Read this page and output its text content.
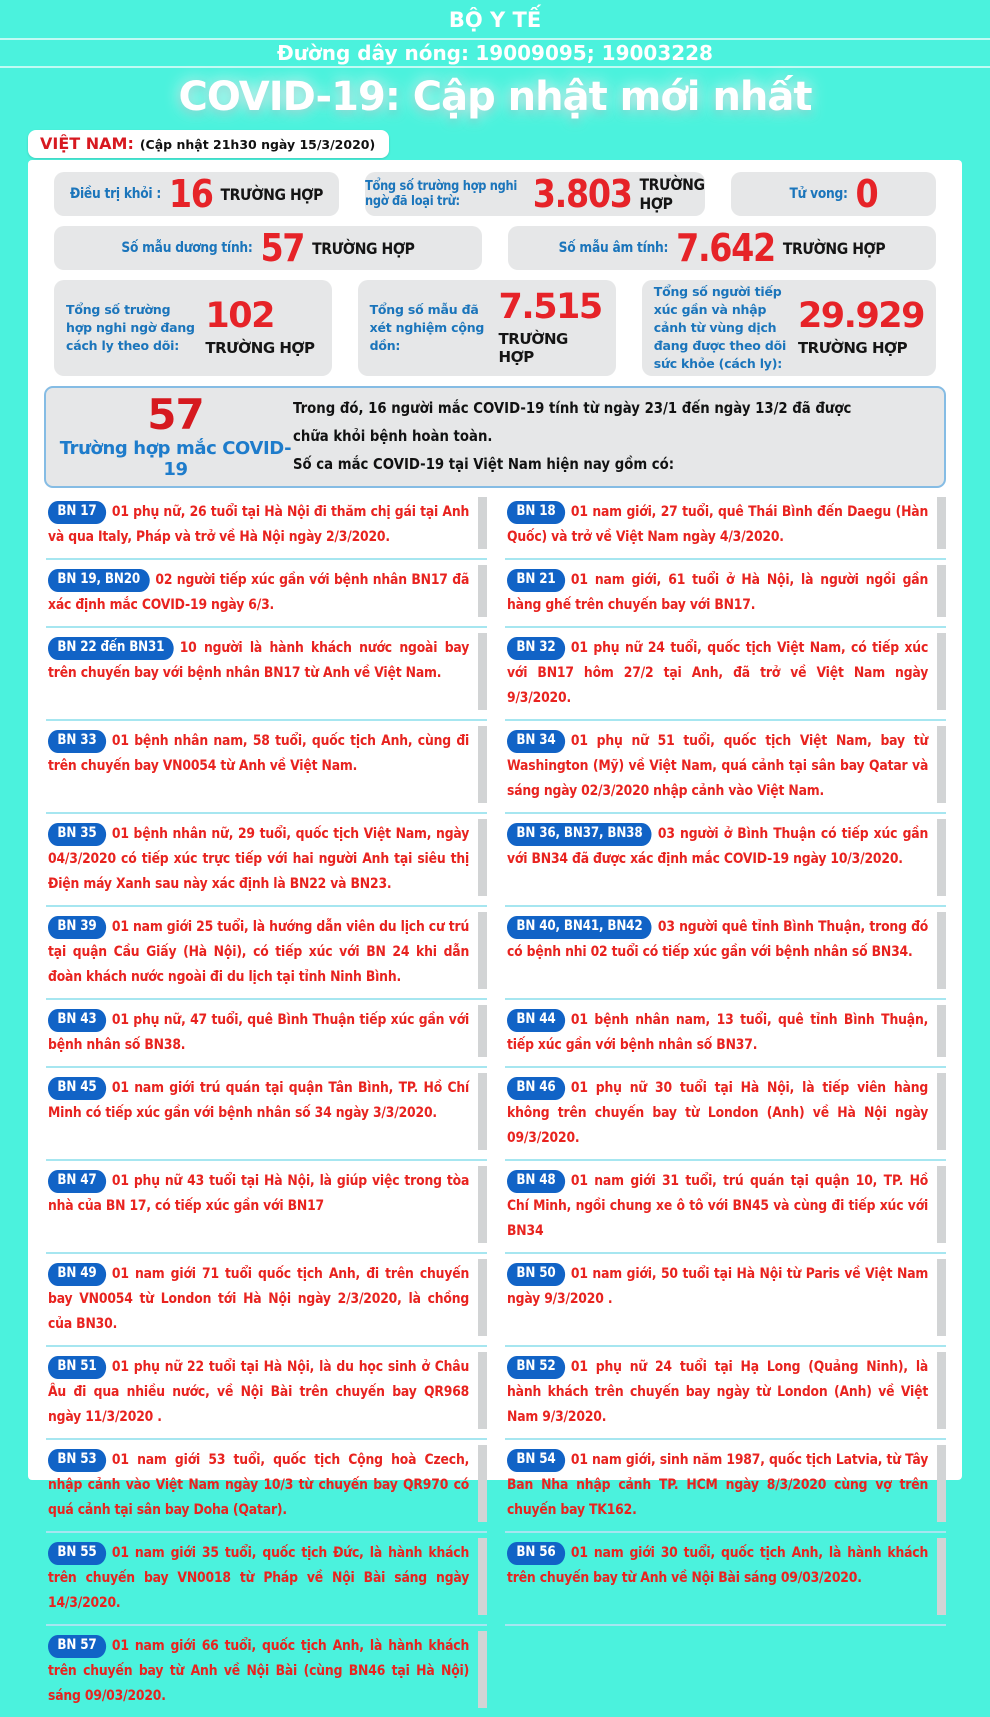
BỘ Y TẾ
Đường dây nóng: 19009095; 19003228
COVID-19: Cập nhật mới nhất
VIỆT NAM: (Cập nhật 21h30 ngày 15/3/2020)
Điều trị khỏi : 16 TRƯỜNG HỢP	Tổng số trường hợp nghi ngờ đã loại trừ:	3.803 TRƯỜNG HỢP	Tử vong: 0
Số mẫu dương tính: 57 TRƯỜNG HỢP	Số mẫu âm tính: 7.642 TRƯỜNG HỢP
Tổng số trường hợp nghi ngờ đang cách ly theo dõi:
102
TRƯỜNG HỢP
Tổng số mẫu đã xét nghiệm cộng dồn:
7.515
TRƯỜNG HỢP
Tổng số người tiếp xúc gần và nhập cảnh từ vùng dịch đang được theo dõi sức khỏe (cách ly):
29.929
TRƯỜNG HỢP
57
Trường hợp mắc COVID-19
Trong đó, 16 người mắc COVID-19 tính từ ngày 23/1 đến ngày 13/2 đã được chữa khỏi bệnh hoàn toàn.
Số ca mắc COVID-19 tại Việt Nam hiện nay gồm có:

BN 17 01 phụ nữ, 26 tuổi tại Hà Nội đi thăm chị gái tại Anh và qua Italy, Pháp và trở về Hà Nội ngày 2/3/2020.

BN 18 01 nam giới, 27 tuổi, quê Thái Bình đến Daegu (Hàn Quốc) và trở về Việt Nam ngày 4/3/2020.

BN 19, BN20 02 người tiếp xúc gần với bệnh nhân BN17 đã xác định mắc COVID-19 ngày 6/3.

BN 21 01 nam giới, 61 tuổi ở Hà Nội, là người ngồi gần hàng ghế trên chuyến bay với BN17.

BN 22 đến BN31 10 người là hành khách nước ngoài bay trên chuyến bay với bệnh nhân BN17 từ Anh về Việt Nam.

BN 32 01 phụ nữ 24 tuổi, quốc tịch Việt Nam, có tiếp xúc với BN17 hôm 27/2 tại Anh, đã trở về Việt Nam ngày 9/3/2020.

BN 33 01 bệnh nhân nam, 58 tuổi, quốc tịch Anh, cùng đi trên chuyến bay VN0054 từ Anh về Việt Nam.

BN 34 01 phụ nữ 51 tuổi, quốc tịch Việt Nam, bay từ Washington (Mỹ) về Việt Nam, quá cảnh tại sân bay Qatar và sáng ngày 02/3/2020 nhập cảnh vào Việt Nam.

BN 35 01 bệnh nhân nữ, 29 tuổi, quốc tịch Việt Nam, ngày 04/3/2020 có tiếp xúc trực tiếp với hai người Anh tại siêu thị Điện máy Xanh sau này xác định là BN22 và BN23.

BN 36, BN37, BN38 03 người ở Bình Thuận có tiếp xúc gần với BN34 đã được xác định mắc COVID-19 ngày 10/3/2020.

BN 39 01 nam giới 25 tuổi, là hướng dẫn viên du lịch cư trú tại quận Cầu Giấy (Hà Nội), có tiếp xúc với BN 24 khi dẫn đoàn khách nước ngoài đi du lịch tại tỉnh Ninh Bình.

BN 40, BN41, BN42 03 người quê tỉnh Bình Thuận, trong đó có bệnh nhi 02 tuổi có tiếp xúc gần với bệnh nhân số BN34.

BN 43 01 phụ nữ, 47 tuổi, quê Bình Thuận tiếp xúc gần với bệnh nhân số BN38.

BN 44 01 bệnh nhân nam, 13 tuổi, quê tỉnh Bình Thuận, tiếp xúc gần với bệnh nhân số BN37.

BN 45 01 nam giới trú quán tại quận Tân Bình, TP. Hồ Chí Minh có tiếp xúc gần với bệnh nhân số 34 ngày 3/3/2020.

BN 46 01 phụ nữ 30 tuổi tại Hà Nội, là tiếp viên hàng không trên chuyến bay từ London (Anh) về Hà Nội ngày 09/3/2020.

BN 47 01 phụ nữ 43 tuổi tại Hà Nội, là giúp việc trong tòa nhà của BN 17, có tiếp xúc gần với BN17

BN 48 01 nam giới 31 tuổi, trú quán tại quận 10, TP. Hồ Chí Minh, ngồi chung xe ô tô với BN45 và cùng đi tiếp xúc với BN34

BN 49 01 nam giới 71 tuổi quốc tịch Anh, đi trên chuyến bay VN0054 từ London tới Hà Nội ngày 2/3/2020, là chồng của BN30.

BN 50 01 nam giới, 50 tuổi tại Hà Nội từ Paris về Việt Nam ngày 9/3/2020 .

BN 51 01 phụ nữ 22 tuổi tại Hà Nội, là du học sinh ở Châu Âu đi qua nhiều nước, về Nội Bài trên chuyến bay QR968 ngày 11/3/2020 .

BN 52 01 phụ nữ 24 tuổi tại Hạ Long (Quảng Ninh), là hành khách trên chuyến bay ngày từ London (Anh) về Việt Nam 9/3/2020.

BN 53 01 nam giới 53 tuổi, quốc tịch Cộng hoà Czech, nhập cảnh vào Việt Nam ngày 10/3 từ chuyến bay QR970 có quá cảnh tại sân bay Doha (Qatar).

BN 54 01 nam giới, sinh năm 1987, quốc tịch Latvia, từ Tây Ban Nha nhập cảnh TP. HCM ngày 8/3/2020 cùng vợ trên chuyến bay TK162.

BN 55 01 nam giới 35 tuổi, quốc tịch Đức, là hành khách trên chuyến bay VN0018 từ Pháp về Nội Bài sáng ngày 14/3/2020.

BN 56 01 nam giới 30 tuổi, quốc tịch Anh, là hành khách trên chuyến bay từ Anh về Nội Bài sáng 09/03/2020.

BN 57 01 nam giới 66 tuổi, quốc tịch Anh, là hành khách trên chuyến bay từ Anh về Nội Bài (cùng BN46 tại Hà Nội) sáng 09/03/2020.
